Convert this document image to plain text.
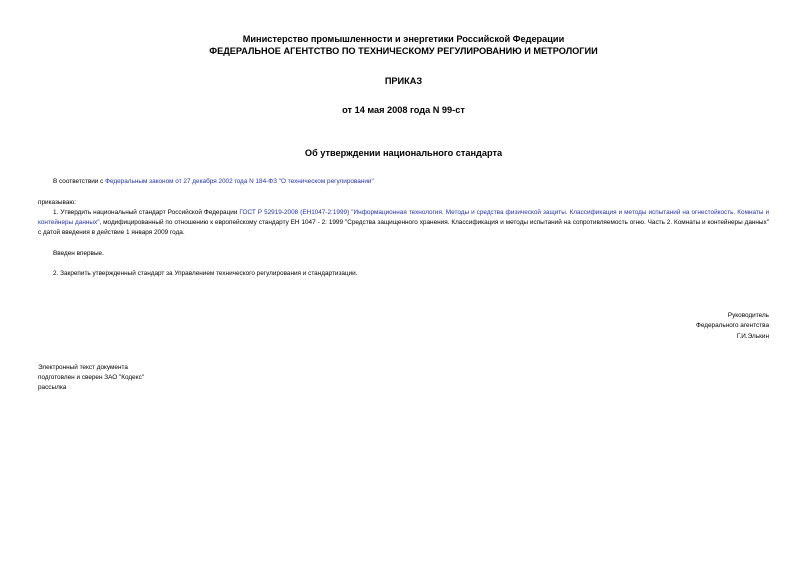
Министерство промышленности и энергетики Российской Федерации
ФЕДЕРАЛЬНОЕ АГЕНТСТВО ПО ТЕХНИЧЕСКОМУ РЕГУЛИРОВАНИЮ И МЕТРОЛОГИИ
ПРИКАЗ
от 14 мая 2008 года N 99-ст
Об утверждении национального стандарта
В соответствии с Федеральным законом от 27 декабря 2002 года N 184-ФЗ "О техническом регулировании"
приказываю:
1. Утвердить национальный стандарт Российской Федерации ГОСТ Р 52919-2008 (ЕН1047-2:1999) "Информационная технология. Методы и средства физической защиты. Классификация и методы испытаний на огнестойкость. Комнаты и контейнеры данных", модифицированный по отношению к европейскому стандарту ЕН 1047 - 2: 1999 "Средства защищенного хранения. Классификация и методы испытаний на сопротивляемость огню. Часть 2. Комнаты и контейнеры данных" с датой введения в действие 1 января 2009 года.
Введен впервые.
2. Закрепить утвержденный стандарт за Управлением технического регулирования и стандартизации.
Руководитель
Федерального агентства
Г.И.Элькин
Электронный текст документа
подготовлен и сверен ЗАО "Кодекс"
рассылка
